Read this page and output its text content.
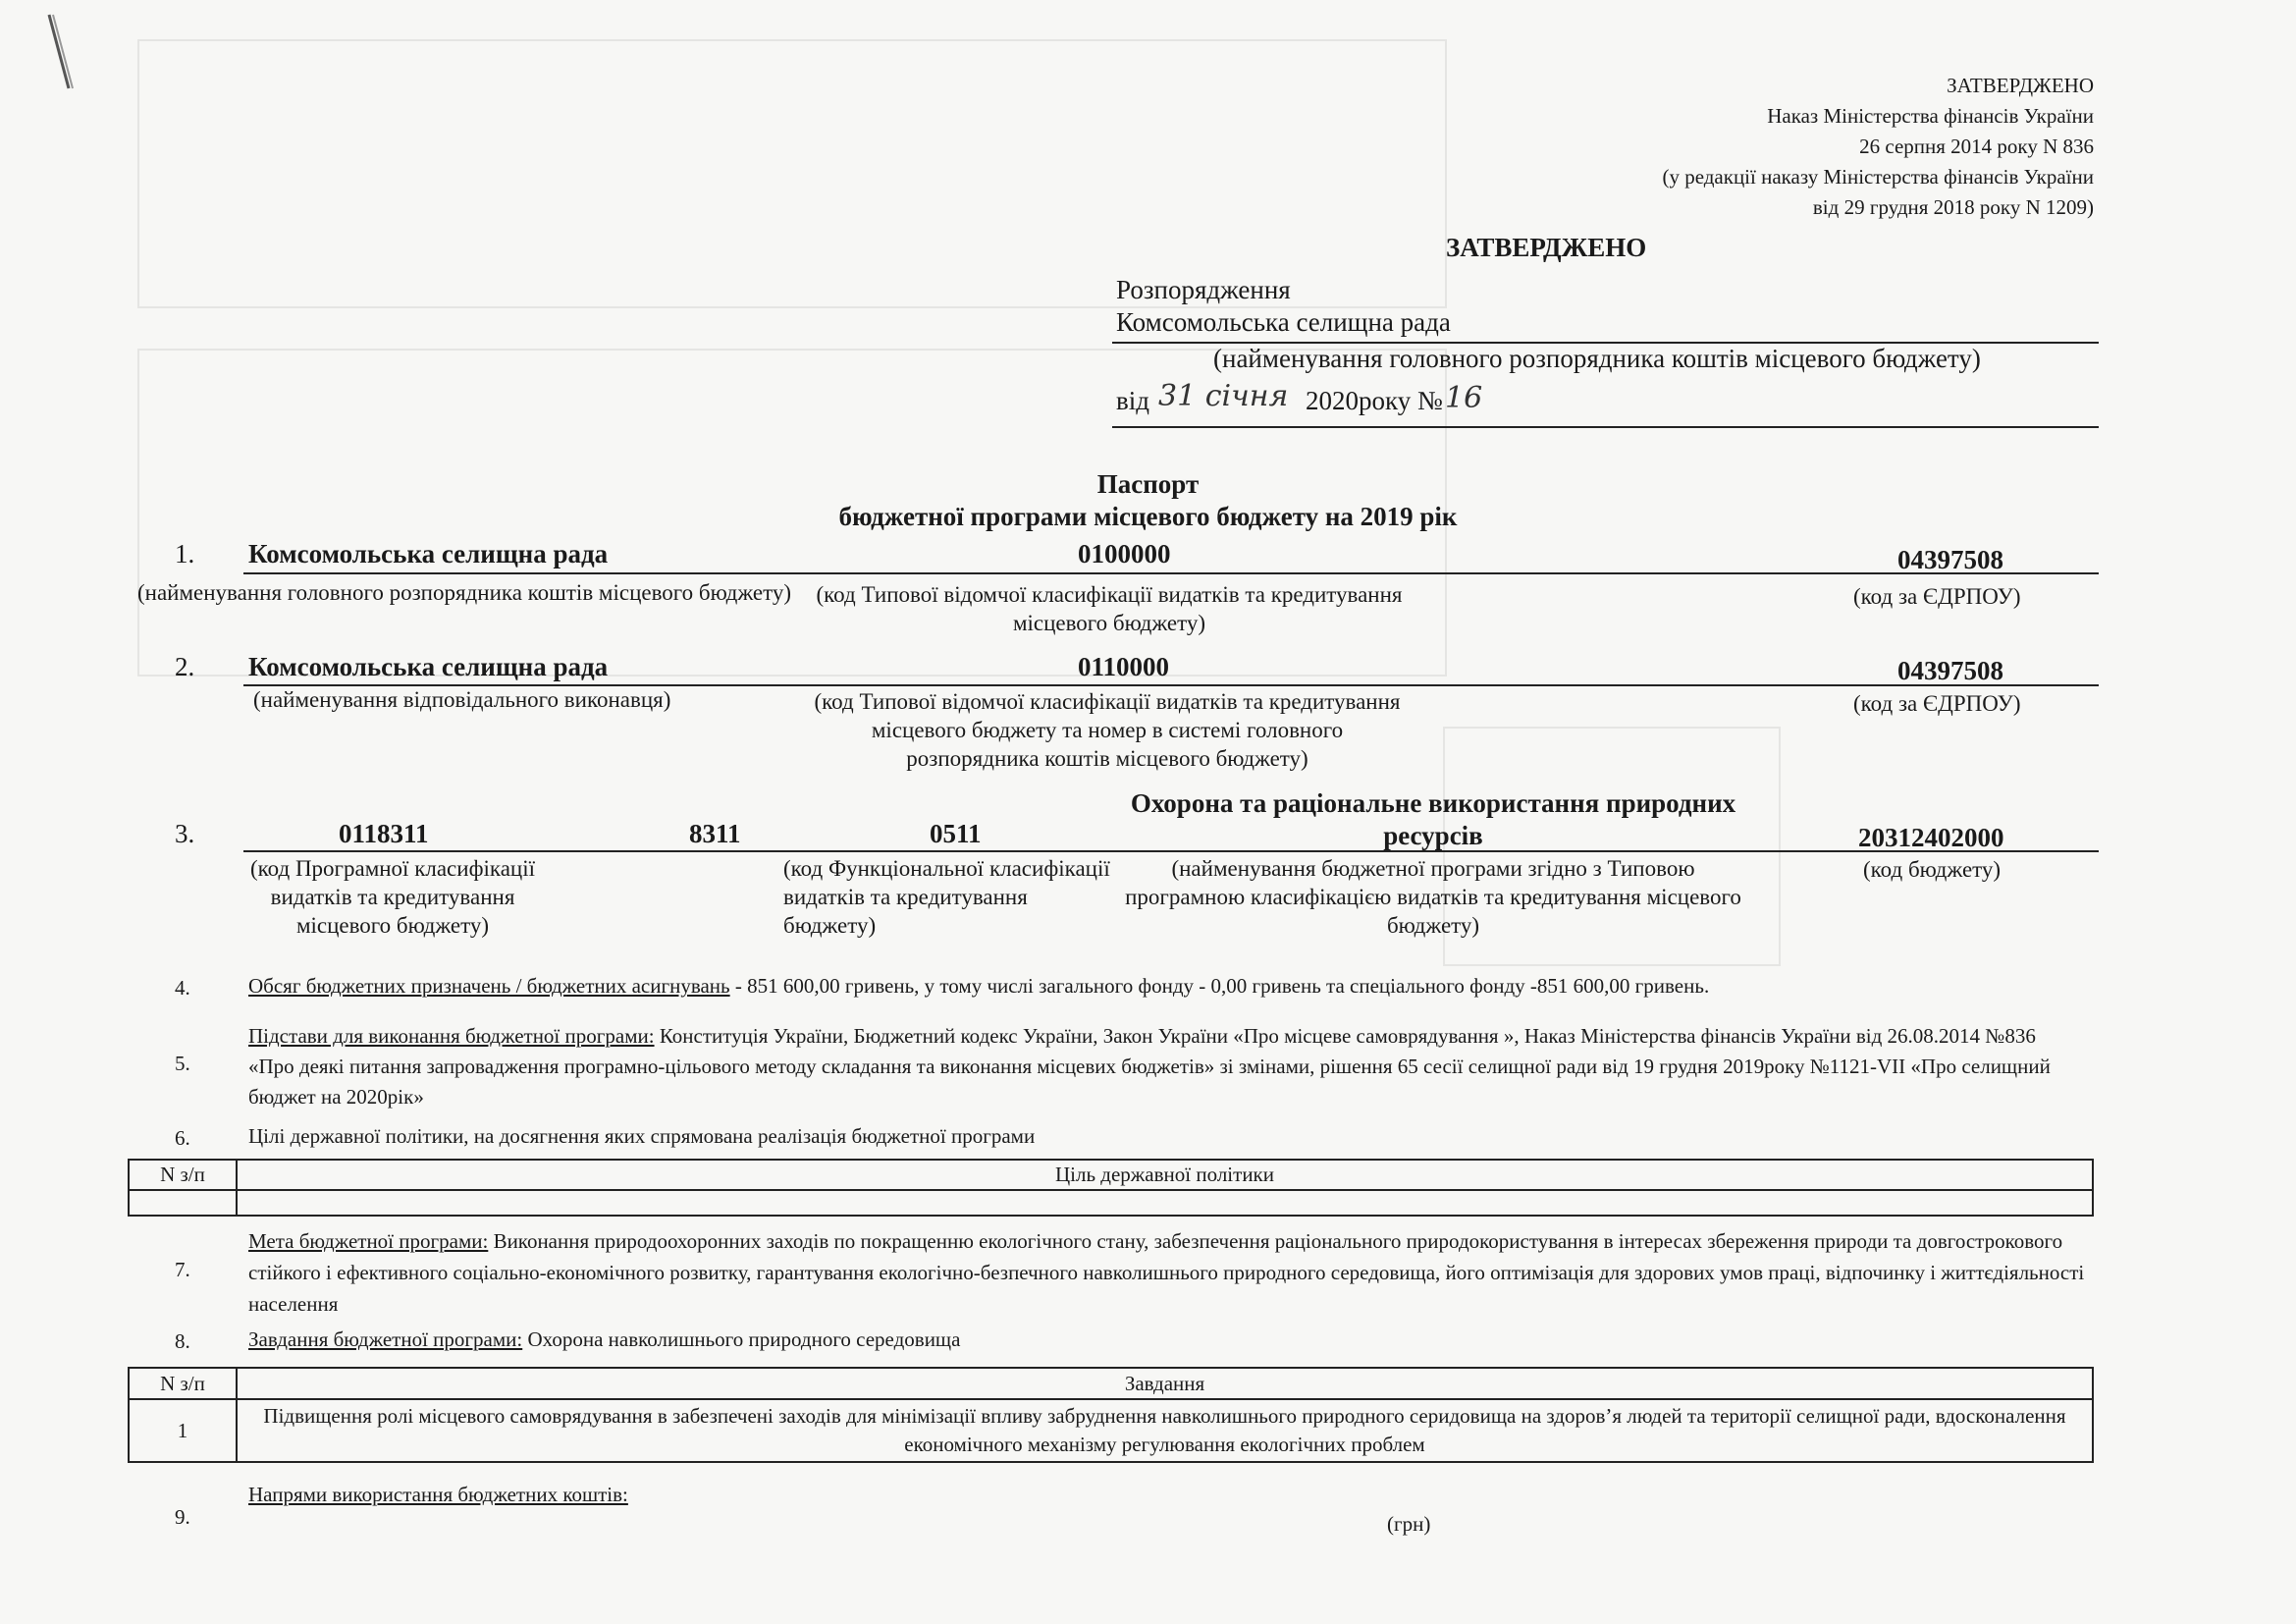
ЗАТВЕРДЖЕНО
Наказ Міністерства фінансів України
26 серпня 2014 року N 836
(у редакції наказу Міністерства фінансів України
від 29 грудня 2018 року N 1209)
ЗАТВЕРДЖЕНО
Розпорядження
Комсомольська селищна рада
(найменування головного розпорядника коштів місцевого бюджету)
від 31 січня 2020року № 16
Паспорт
бюджетної програми місцевого бюджету на 2019 рік
1. Комсомольська селищна рада	0100000	04397508
(найменування головного розпорядника коштів місцевого бюджету)	(код Типової відомчої класифікації видатків та кредитування місцевого бюджету)
(код за ЄДРПОУ)
2. Комсомольська селищна рада	0110000	04397508
(найменування відповідального виконавця)	(код Типової відомчої класифікації видатків та кредитування місцевого бюджету та номер в системі головного розпорядника коштів місцевого бюджету)
(код за ЄДРПОУ)
3.	0118311	8311	0511
Охорона та раціональне використання природних ресурсів	20312402000
(код Програмної класифікації видатків та кредитування місцевого бюджету)
(код Функціональної класифікації видатків та кредитування бюджету)
(найменування бюджетної програми згідно з Типовою програмною класифікацією видатків та кредитування місцевого бюджету)
(код бюджету)
4.	Обсяг бюджетних призначень / бюджетних асигнувань - 851 600,00 гривень, у тому числі загального фонду - 0,00 гривень та спеціального фонду -851 600,00 гривень.
5.
Підстави для виконання бюджетної програми: Конституція України, Бюджетний кодекс України, Закон України «Про місцеве самоврядування », Наказ Міністерства фінансів України від 26.08.2014 №836 «Про деякі питання запровадження програмно-цільового методу складання та виконання місцевих бюджетів» зі змінами, рішення 65 сесії селищної ради від 19 грудня 2019року №1121-VII «Про селищний бюджет на 2020рік»
6.	Цілі державної політики, на досягнення яких спрямована реалізація бюджетної програми
N з/п	Ціль державної політики

7.
Мета бюджетної програми: Виконання природоохоронних заходів по покращенню екологічного стану, забезпечення раціонального природокористування в інтересах збереження природи та довгострокового стійкого і ефективного соціально-економічного розвитку, гарантування екологічно-безпечного навколишнього природного середовища, його оптимізація для здорових умов праці, відпочинку і життєдіяльності населення
8.	Завдання бюджетної програми: Охорона навколишнього природного середовища
N з/п	Завдання
1	Підвищення ролі місцевого самоврядування в забезпечені заходів для мінімізації впливу забруднення навколишнього природного серидовища на здоров’я людей та території селищної ради, вдосконалення економічного механізму регулювання екологічних проблем
9.
Напрями використання бюджетних коштів:
(грн)
